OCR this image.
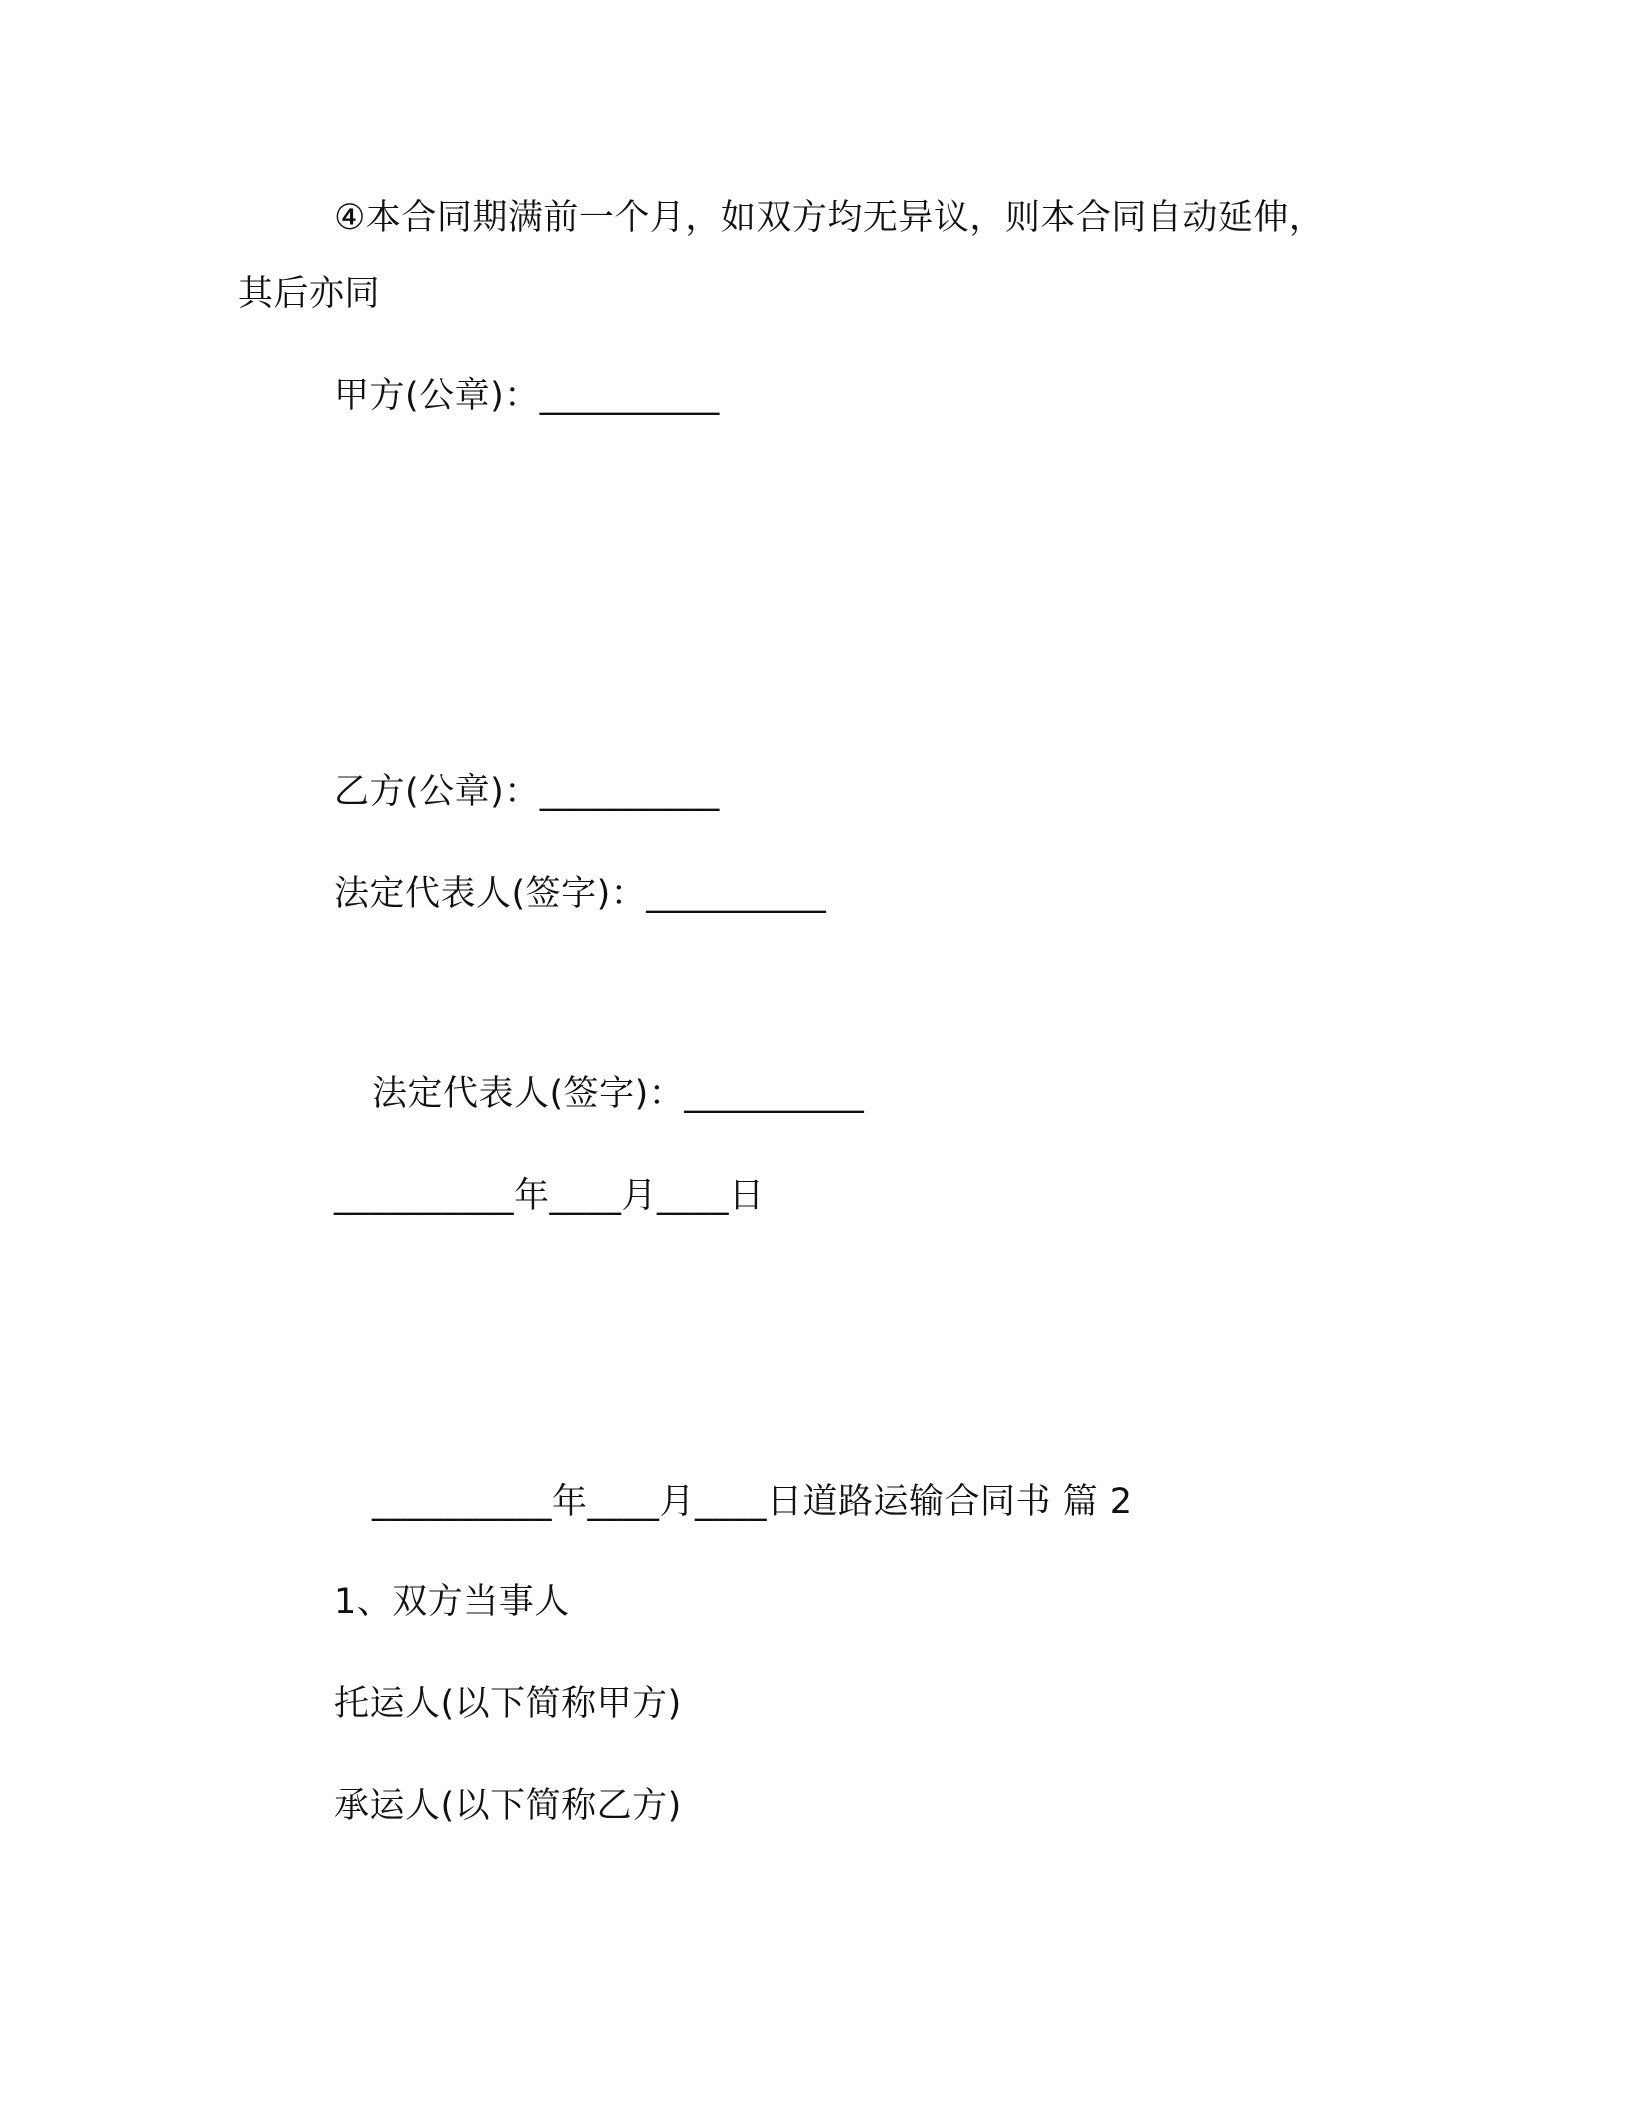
④本合同期满前一个月，如双方均无异议，则本合同自动延伸，
其后亦同
甲方(公章)：__________
乙方(公章)：__________
法定代表人(签字)：__________
法定代表人(签字)：__________
__________年____月____日
__________年____月____日道路运输合同书 篇 2
1、双方当事人
托运人(以下简称甲方)
承运人(以下简称乙方)
